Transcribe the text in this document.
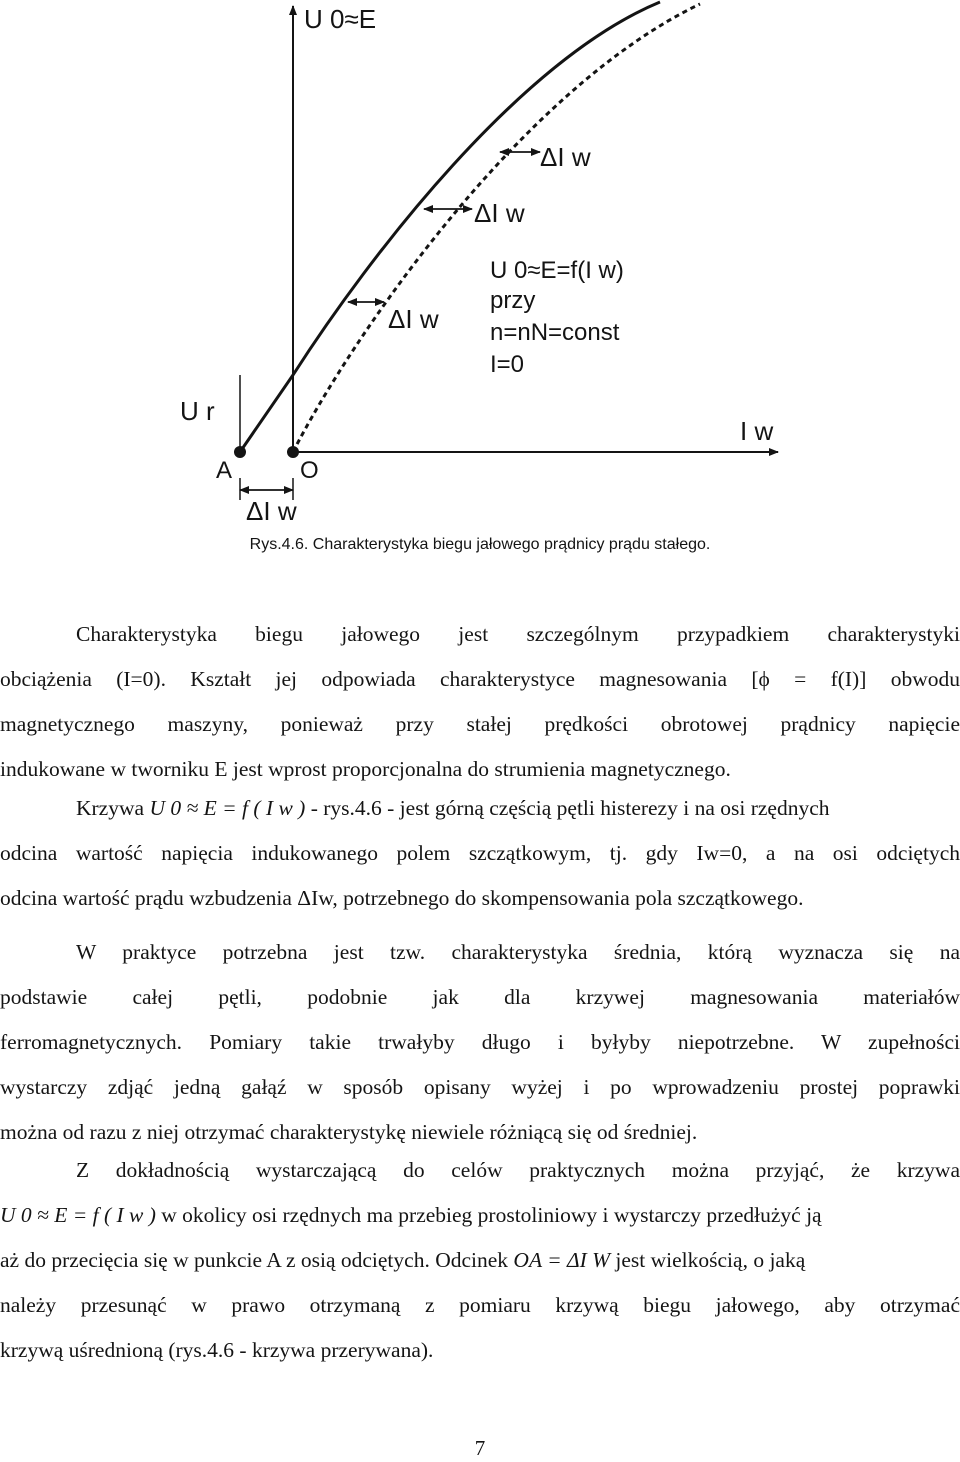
U 0≈E
I w
U r
A	O
ΔI w
ΔI w
ΔI w
ΔI w
U 0≈E=f(I w)
przy
n=nN=const
I=0
Rys.4.6. Charakterystyka biegu jałowego prądnicy prądu stałego.
Charakterystyka biegu jałowego jest szczególnym przypadkiem charakterystyki
obciążenia (I=0). Kształt jej odpowiada charakterystyce magnesowania [ϕ = f(I)] obwodu
magnetycznego maszyny, ponieważ przy stałej prędkości obrotowej prądnicy napięcie
indukowane w tworniku E jest wprost proporcjonalna do strumienia magnetycznego.
Krzywa U 0 ≈ E = f ( I w ) - rys.4.6 - jest górną częścią pętli histerezy i na osi rzędnych
odcina wartość napięcia indukowanego polem szczątkowym, tj. gdy Iw=0, a na osi odciętych
odcina wartość prądu wzbudzenia ΔIw, potrzebnego do skompensowania pola szczątkowego.
W praktyce potrzebna jest tzw. charakterystyka średnia, którą wyznacza się na
podstawie całej pętli, podobnie jak dla krzywej magnesowania materiałów
ferromagnetycznych. Pomiary takie trwałyby długo i byłyby niepotrzebne. W zupełności
wystarczy zdjąć jedną gałąź w sposób opisany wyżej i po wprowadzeniu prostej poprawki
można od razu z niej otrzymać charakterystykę niewiele różniącą się od średniej.
Z dokładnością wystarczającą do celów praktycznych można przyjąć, że krzywa
U 0 ≈ E = f ( I w ) w okolicy osi rzędnych ma przebieg prostoliniowy i wystarczy przedłużyć ją
aż do przecięcia się w punkcie A z osią odciętych. Odcinek OA = ΔI W jest wielkością, o jaką
należy przesunąć w prawo otrzymaną z pomiaru krzywą biegu jałowego, aby otrzymać
krzywą uśrednioną (rys.4.6 - krzywa przerywana).
7
